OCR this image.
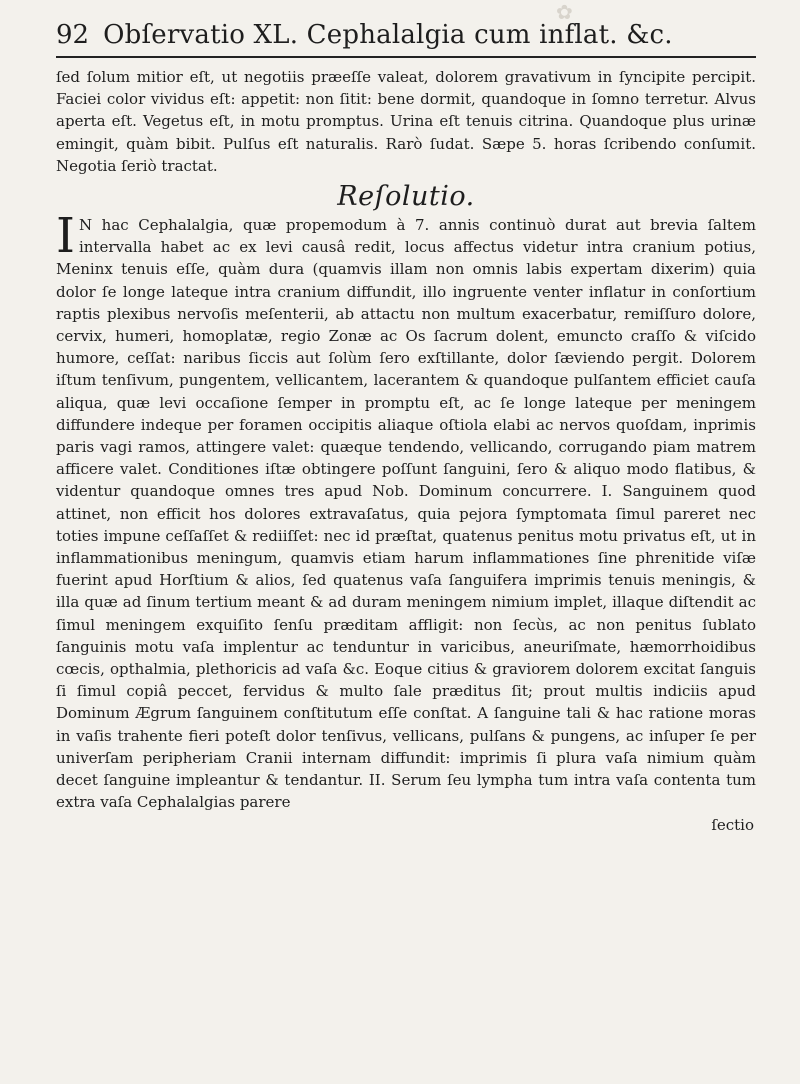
✿
92 Obſervatio XL. Cephalalgia cum inflat. &c.

ſed ſolum mitior eſt, ut negotiis præeſſe valeat, dolorem gravativum in ſyncipite percipit. Faciei color vividus eſt: appetit: non ſitit: bene dormit, quandoque in ſomno terretur. Alvus aperta eſt. Vegetus eſt, in motu promptus. Urina eſt tenuis citrina. Quandoque plus urinæ emingit, quàm bibit. Pulſus eſt naturalis. Rarò ſudat. Sæpe 5. horas ſcribendo conſumit. Negotia ſeriò tractat.

Reſolutio.

I N hac Cephalalgia, quæ propemodum à 7. annis continuò durat aut brevia ſaltem intervalla habet ac ex levi causâ redit, locus affectus videtur intra cranium potius, Meninx tenuis eſſe, quàm dura (quamvis illam non omnis labis expertam dixerim) quia dolor ſe longe lateque intra cranium diffundit, illo ingruente venter inflatur in conſortium raptis plexibus nervoſis meſenterii, ab attactu non multum exacerbatur, remiſſuro dolore, cervix, humeri, homoplatæ, regio Zonæ ac Os ſacrum dolent, emuncto craſſo & viſcido humore, ceſſat: naribus ſiccis aut ſolùm ſero exſtillante, dolor ſæviendo pergit. Dolorem iſtum tenſivum, pungentem, vellicantem, lacerantem & quandoque pulſantem efficiet cauſa aliqua, quæ levi occaſione ſemper in promptu eſt, ac ſe longe lateque per meningem diffundere indeque per foramen occipitis aliaque oſtiola elabi ac nervos quoſdam, inprimis paris vagi ramos, attingere valet: quæque tendendo, vellicando, corrugando piam matrem afficere valet. Conditiones iſtæ obtingere poſſunt ſanguini, ſero & aliquo modo flatibus, & videntur quandoque omnes tres apud Nob. Dominum concurrere. I. Sanguinem quod attinet, non efficit hos dolores extravaſatus, quia pejora ſymptomata ſimul pareret nec toties impune ceſſaſſet & rediiſſet: nec id præſtat, quatenus penitus motu privatus eſt, ut in inflammationibus meningum, quamvis etiam harum inflammationes ſine phrenitide viſæ fuerint apud Horſtium & alios, ſed quatenus vaſa ſanguifera imprimis tenuis meningis, & illa quæ ad ſinum tertium meant & ad duram meningem nimium implet, illaque diſtendit ac ſimul meningem exquiſito ſenſu præditam affligit: non ſecùs, ac non penitus ſublato ſanguinis motu vaſa implentur ac tenduntur in varicibus, aneuriſmate, hæmorrhoidibus cœcis, opthalmia, plethoricis ad vaſa &c. Eoque citius & graviorem dolorem excitat ſanguis ſi ſimul copiâ peccet, fervidus & multo ſale præditus ſit; prout multis indiciis apud Dominum Ægrum ſanguinem conſtitutum eſſe conſtat. A ſanguine tali & hac ratione moras in vaſis trahente fieri poteſt dolor tenſivus, vellicans, pulſans & pungens, ac inſuper ſe per univerſam peripheriam Cranii internam diffundit: imprimis ſi plura vaſa nimium quàm decet ſanguine impleantur & tendantur. II. Serum ſeu lympha tum intra vaſa contenta tum extra vaſa Cephalalgias parere

ſectio
